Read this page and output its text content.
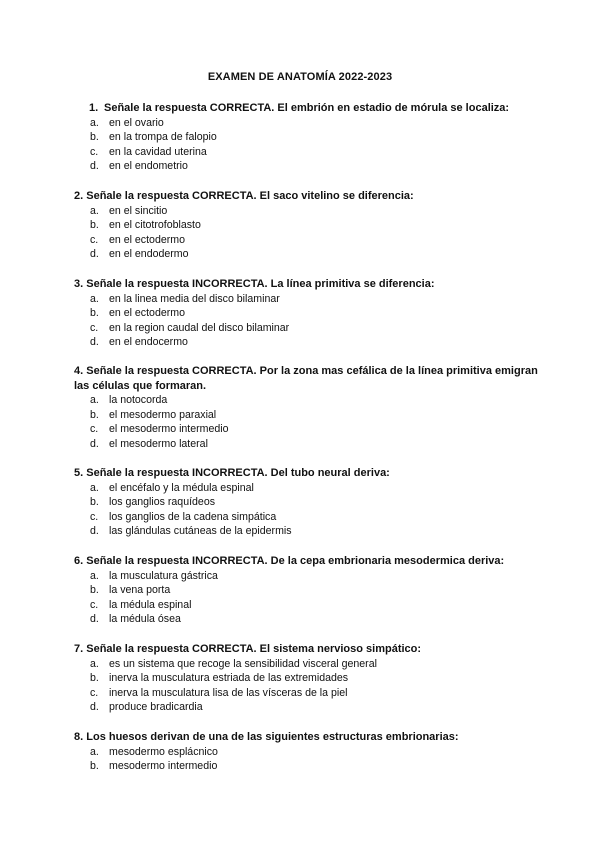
EXAMEN DE ANATOMÍA 2022-2023
1. Señale la respuesta CORRECTA. El embrión en estadio de mórula se localiza:
a. en el ovario
b. en la trompa de falopio
c. en la cavidad uterina
d. en el endometrio
2. Señale la respuesta CORRECTA. El saco vitelino se diferencia:
a. en el sincitio
b. en el citotrofoblasto
c. en el ectodermo
d. en el endodermo
3. Señale la respuesta INCORRECTA. La línea primitiva se diferencia:
a. en la linea media del disco bilaminar
b. en el ectodermo
c. en la region caudal del disco bilaminar
d. en el endocermo
4. Señale la respuesta CORRECTA. Por la zona mas cefálica de la línea primitiva emigran las células que formaran.
a. la notocorda
b. el mesodermo paraxial
c. el mesodermo intermedio
d. el mesodermo lateral
5. Señale la respuesta INCORRECTA. Del tubo neural deriva:
a. el encéfalo y la médula espinal
b. los ganglios raquídeos
c. los ganglios de la cadena simpática
d. las glándulas cutáneas de la epidermis
6. Señale la respuesta INCORRECTA. De la cepa embrionaria mesodermica deriva:
a. la musculatura gástrica
b. la vena porta
c. la médula espinal
d. la médula ósea
7. Señale la respuesta CORRECTA. El sistema nervioso simpático:
a. es un sistema que recoge la sensibilidad visceral general
b. inerva la musculatura estriada de las extremidades
c. inerva la musculatura lisa de las vísceras de la piel
d. produce bradicardia
8. Los huesos derivan de una de las siguientes estructuras embrionarias:
a. mesodermo esplácnico
b. mesodermo intermedio
